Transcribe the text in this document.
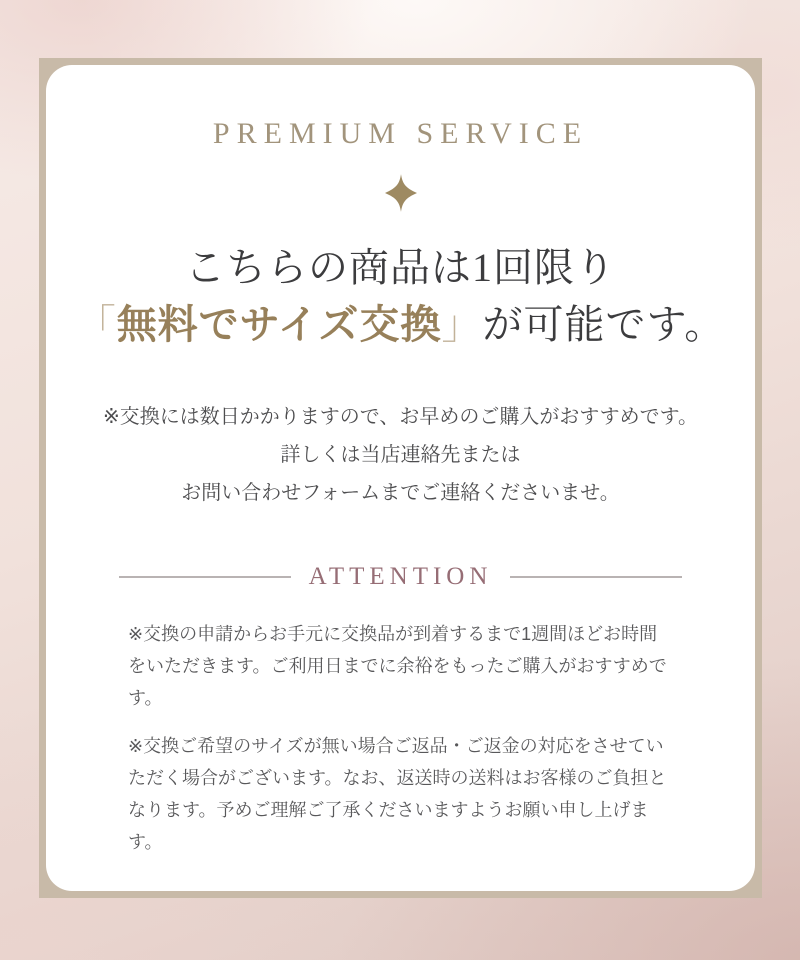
PREMIUM SERVICE
こちらの商品は1回限り
「無料でサイズ交換」が可能です。
※交換には数日かかりますので、お早めのご購入がおすすめです。
詳しくは当店連絡先または
お問い合わせフォームまでご連絡くださいませ。
ATTENTION
※交換の申請からお手元に交換品が到着するまで1週間ほどお時間をいただきます。ご利用日までに余裕をもったご購入がおすすめです。
※交換ご希望のサイズが無い場合ご返品・ご返金の対応をさせていただく場合がございます。なお、返送時の送料はお客様のご負担となります。予めご理解ご了承くださいますようお願い申し上げます。
